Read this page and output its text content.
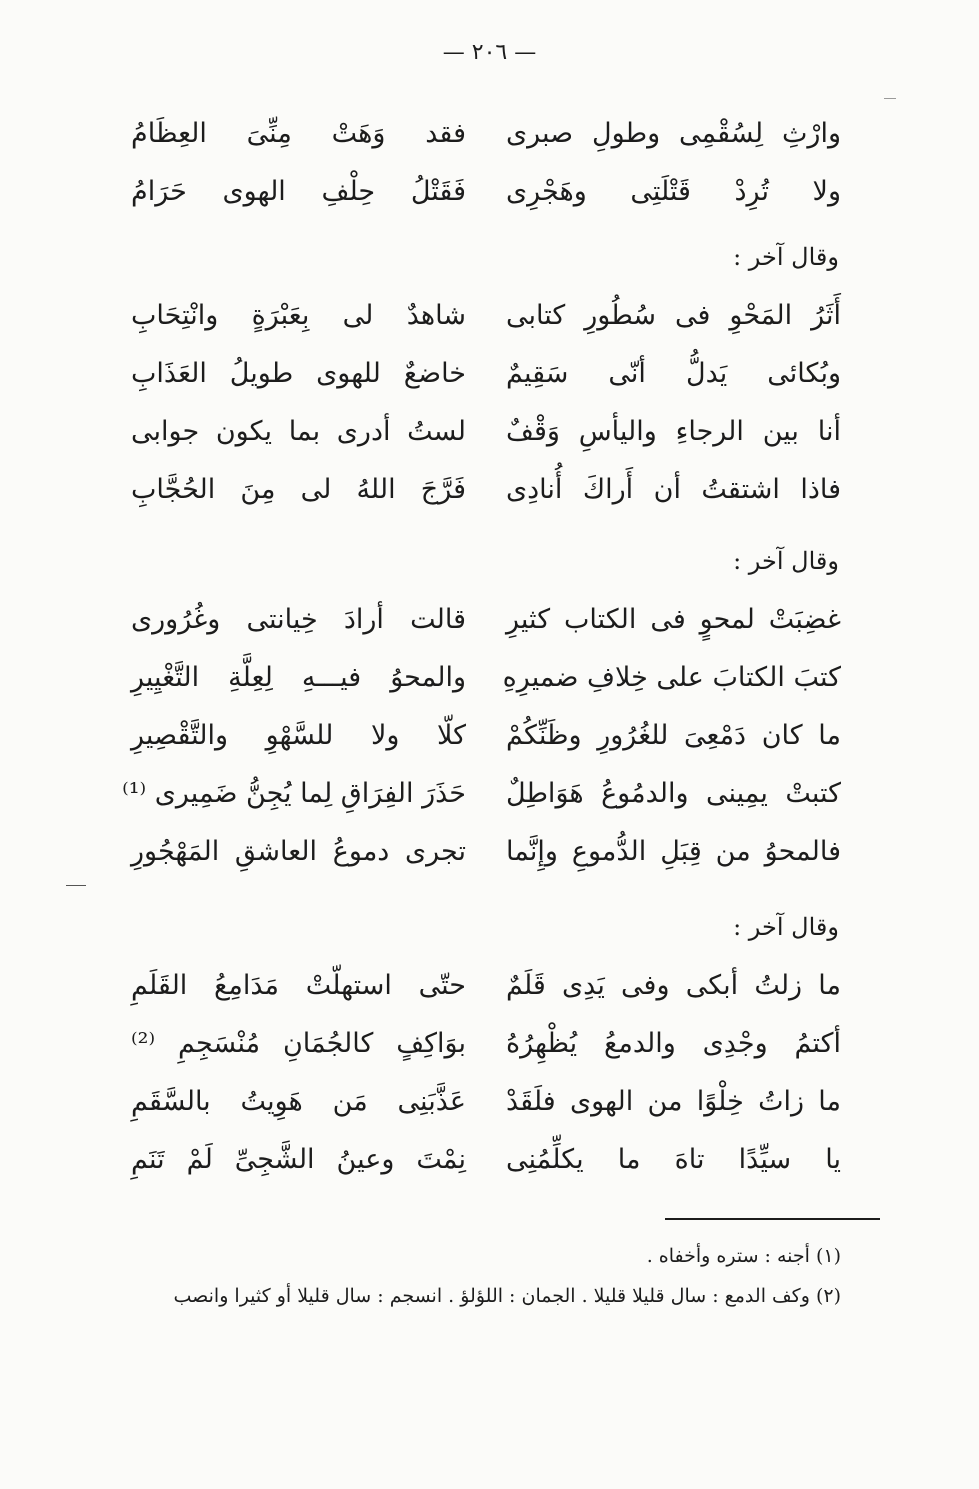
— ٢٠٦ —
وارْثِ لِسُقْمِى وطولِ صبرى
فقد وَهَتْ مِنِّىَ العِظَامُ
ولا تُرِدْ قَتْلَتِى وهَجْرِى
فَقَتْلُ حِلْفِ الهوى حَرَامُ
وقال آخر :
أَثَرُ المَحْوِ فى سُطُورِ كتابى
شاهدٌ لى بِعَبْرَةٍ وانْتِحَابِ
وبُكائى يَدلُّ أنّى سَقِيمٌ
خاضعٌ للهوى طويلُ العَذَابِ
أنا بين الرجاءِ واليأسِ وَقْفٌ
لستُ أدرى بما يكون جوابى
فاذا اشتقتُ أن أَراكَ أُنادِى
فَرَّجَ اللهُ لى مِنَ الحُجَّابِ
وقال آخر :
غضِبَتْ لمحوٍ فى الكتاب كثيرِ
قالت أرادَ خِيانتى وغُرُورى
كتبَ الكتابَ على خِلافِ ضميرِهِ
والمحوُ فيـــهِ لِعِلَّةِ التَّغْيِيرِ
ما كان دَمْعِىَ للغُرُورِ وظَنِّكُمْ
كلّا ولا للسَّهْوِ والتَّقْصِيرِ
كتبتْ يمِينى والدمُوعُ هَوَاطِلٌ
حَذَرَ الفِرَاقِ لِما يُجِنُّ ضَمِيرى ⁽¹⁾
فالمحوُ من قِبَلِ الدُّموعِ وإِنَّما
تجرى دموعُ العاشقِ المَهْجُورِ
وقال آخر :
ما زلتُ أبكى وفى يَدِى قَلَمٌ
حتّى استهلّتْ مَدَامِعُ القَلَمِ
أكتمُ وجْدِى والدمعُ يُظْهِرُهُ
بوَاكِفٍ كالجُمَانِ مُنْسَجِمِ ⁽²⁾
ما زاتُ خِلْوًا من الهوى فلَقَدْ
عَذَّبَنِى مَن هَوِيتُ بالسَّقَمِ
يا سيِّدًا تاهَ ما يكلِّمُنِى
نِمْتَ وعينُ الشَّجِىِّ لَمْ تَنَمِ
(١) أجنه : ستره وأخفاه .
(٢) وكف الدمع : سال قليلا قليلا . الجمان : اللؤلؤ . انسجم : سال قليلا أو كثيرا وانصب
